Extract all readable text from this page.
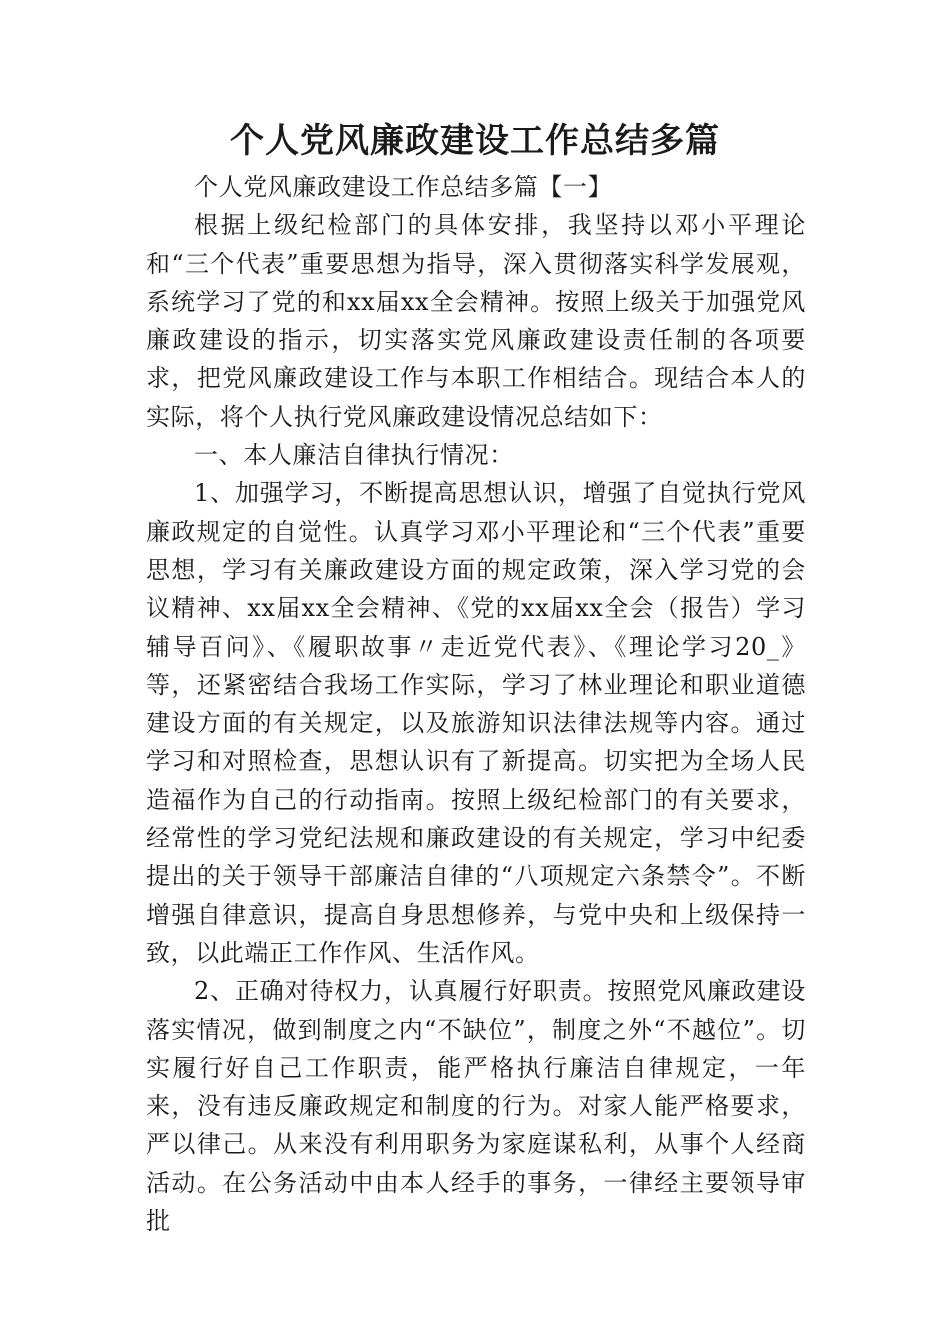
个人党风廉政建设工作总结多篇

个人党风廉政建设工作总结多篇【一】

根据上级纪检部门的具体安排，我坚持以邓小平理论和“三个代表”重要思想为指导，深入贯彻落实科学发展观，系统学习了党的和xx届xx全会精神。按照上级关于加强党风廉政建设的指示，切实落实党风廉政建设责任制的各项要求，把党风廉政建设工作与本职工作相结合。现结合本人的实际，将个人执行党风廉政建设情况总结如下：

一、本人廉洁自律执行情况：

1、加强学习，不断提高思想认识，增强了自觉执行党风廉政规定的自觉性。认真学习邓小平理论和“三个代表”重要思想，学习有关廉政建设方面的规定政策，深入学习党的会议精神、xx届xx全会精神、《党的xx届xx全会（报告）学习辅导百问》、《履职故事〃走近党代表》、《理论学习20_》等，还紧密结合我场工作实际，学习了林业理论和职业道德建设方面的有关规定，以及旅游知识法律法规等内容。通过学习和对照检查，思想认识有了新提高。切实把为全场人民造福作为自己的行动指南。按照上级纪检部门的有关要求，经常性的学习党纪法规和廉政建设的有关规定，学习中纪委提出的关于领导干部廉洁自律的“八项规定六条禁令”。不断增强自律意识，提高自身思想修养，与党中央和上级保持一致，以此端正工作作风、生活作风。

2、正确对待权力，认真履行好职责。按照党风廉政建设落实情况，做到制度之内“不缺位”，制度之外“不越位”。切实履行好自己工作职责，能严格执行廉洁自律规定，一年来，没有违反廉政规定和制度的行为。对家人能严格要求，严以律己。从来没有利用职务为家庭谋私利，从事个人经商活动。在公务活动中由本人经手的事务，一律经主要领导审批
